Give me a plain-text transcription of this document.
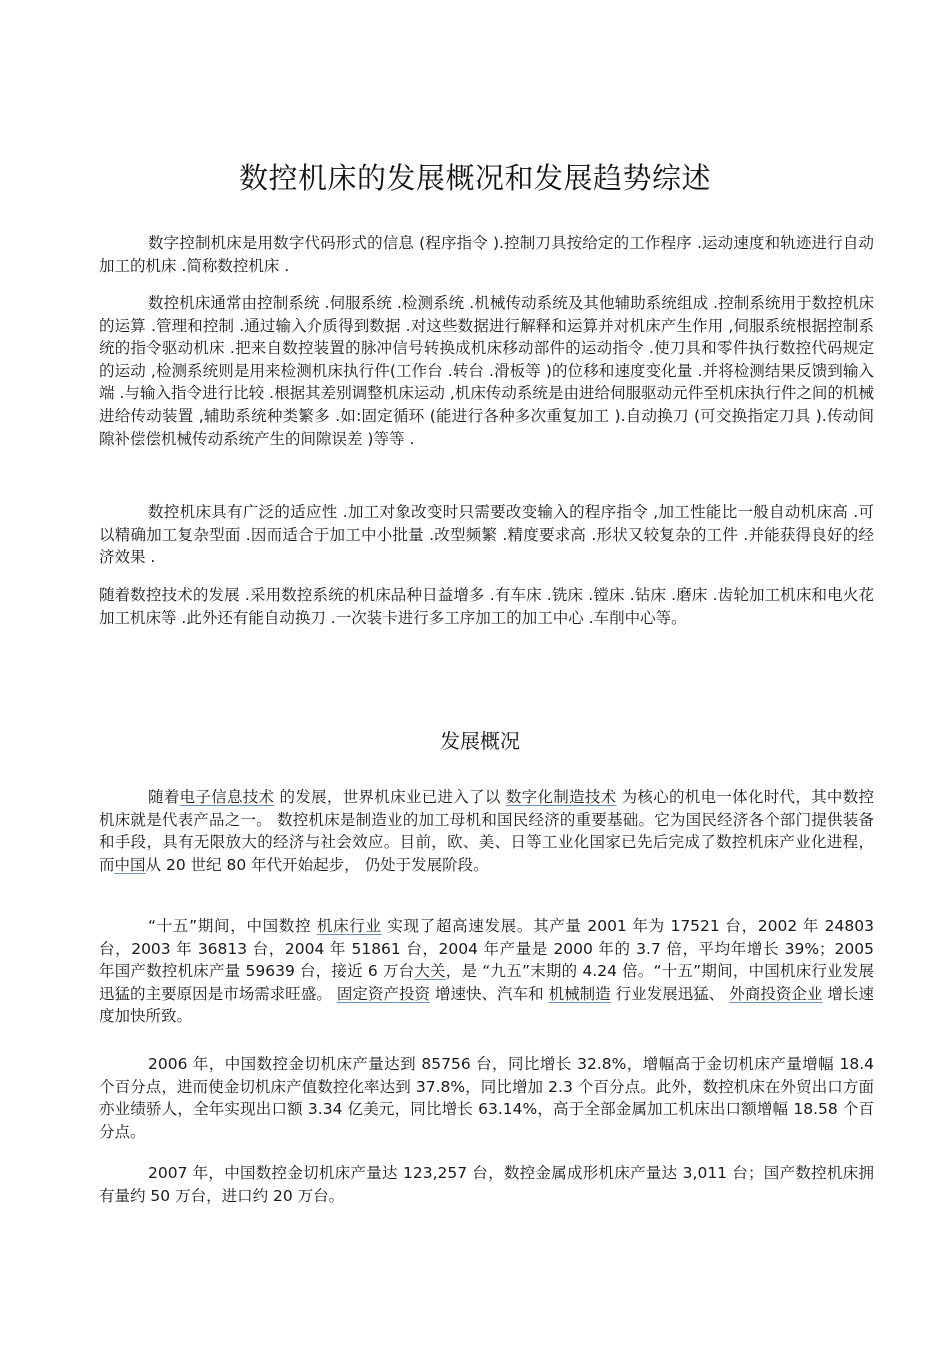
数控机床的发展概况和发展趋势综述

数字控制机床是用数字代码形式的信息 (程序指令 ).控制刀具按给定的工作程序 .运动速度和轨迹进行自动加工的机床 .简称数控机床 .

数控机床通常由控制系统 .伺服系统 .检测系统 .机械传动系统及其他辅助系统组成 .控制系统用于数控机床的运算 .管理和控制 .通过输入介质得到数据 .对这些数据进行解释和运算并对机床产生作用 ,伺服系统根据控制系统的指令驱动机床 .把来自数控装置的脉冲信号转换成机床移动部件的运动指令 .使刀具和零件执行数控代码规定的运动 ,检测系统则是用来检测机床执行件(工作台 .转台 .滑板等 )的位移和速度变化量 .并将检测结果反馈到输入端 .与输入指令进行比较 .根据其差别调整机床运动 ,机床传动系统是由进给伺服驱动元件至机床执行件之间的机械进给传动装置 ,辅助系统种类繁多 .如:固定循环 (能进行各种多次重复加工 ).自动换刀 (可交换指定刀具 ).传动间隙补偿偿机械传动系统产生的间隙误差 )等等 .

数控机床具有广泛的适应性 .加工对象改变时只需要改变输入的程序指令 ,加工性能比一般自动机床高 .可以精确加工复杂型面 .因而适合于加工中小批量 .改型频繁 .精度要求高 .形状又较复杂的工件 .并能获得良好的经济效果 .

随着数控技术的发展 .采用数控系统的机床品种日益增多 .有车床 .铣床 .镗床 .钻床 .磨床 .齿轮加工机床和电火花加工机床等 .此外还有能自动换刀 .一次装卡进行多工序加工的加工中心 .车削中心等。

发展概况

随着电子信息技术 的发展，世界机床业已进入了以 数字化制造技术 为核心的机电一体化时代，其中数控机床就是代表产品之一。 数控机床是制造业的加工母机和国民经济的重要基础。它为国民经济各个部门提供装备和手段，具有无限放大的经济与社会效应。目前，欧、美、日等工业化国家已先后完成了数控机床产业化进程， 而中国从 20 世纪 80 年代开始起步， 仍处于发展阶段。

“十五”期间，中国数控 机床行业 实现了超高速发展。其产量 2001 年为 17521 台，2002 年 24803 台，2003 年 36813 台，2004 年 51861 台，2004 年产量是 2000 年的 3.7 倍，平均年增长 39%；2005 年国产数控机床产量 59639 台，接近 6 万台大关，是 “九五”末期的 4.24 倍。“十五”期间，中国机床行业发展迅猛的主要原因是市场需求旺盛。 固定资产投资 增速快、汽车和 机械制造 行业发展迅猛、 外商投资企业 增长速度加快所致。

2006 年，中国数控金切机床产量达到 85756 台，同比增长 32.8%，增幅高于金切机床产量增幅 18.4 个百分点，进而使金切机床产值数控化率达到 37.8%，同比增加 2.3 个百分点。此外，数控机床在外贸出口方面亦业绩骄人，全年实现出口额 3.34 亿美元，同比增长 63.14%，高于全部金属加工机床出口额增幅 18.58 个百分点。

2007 年，中国数控金切机床产量达 123,257 台，数控金属成形机床产量达 3,011 台；国产数控机床拥有量约 50 万台，进口约 20 万台。
